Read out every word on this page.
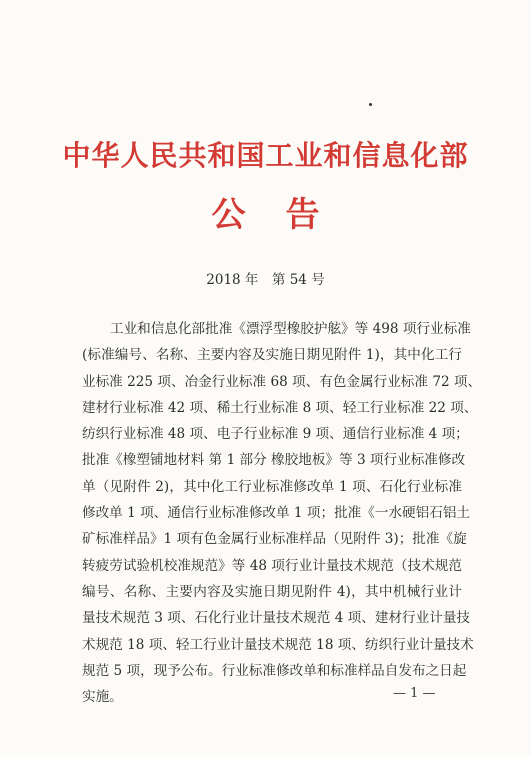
中华人民共和国工业和信息化部
公告
2018 年　第 54 号
工业和信息化部批准《漂浮型橡胶护舷》等 498 项行业标准
(标准编号、名称、主要内容及实施日期见附件 1)，其中化工行
业标准 225 项、冶金行业标准 68 项、有色金属行业标准 72 项、
建材行业标准 42 项、稀土行业标准 8 项、轻工行业标准 22 项、
纺织行业标准 48 项、电子行业标准 9 项、通信行业标准 4 项；
批准《橡塑铺地材料 第 1 部分 橡胶地板》等 3 项行业标准修改
单（见附件 2)，其中化工行业标准修改单 1 项、石化行业标准
修改单 1 项、通信行业标准修改单 1 项；批准《一水硬铝石铝土
矿标准样品》1 项有色金属行业标准样品（见附件 3)；批准《旋
转疲劳试验机校准规范》等 48 项行业计量技术规范（技术规范
编号、名称、主要内容及实施日期见附件 4)，其中机械行业计
量技术规范 3 项、石化行业计量技术规范 4 项、建材行业计量技
术规范 18 项、轻工行业计量技术规范 18 项、纺织行业计量技术
规范 5 项，现予公布。行业标准修改单和标准样品自发布之日起
实施。	— 1 —
